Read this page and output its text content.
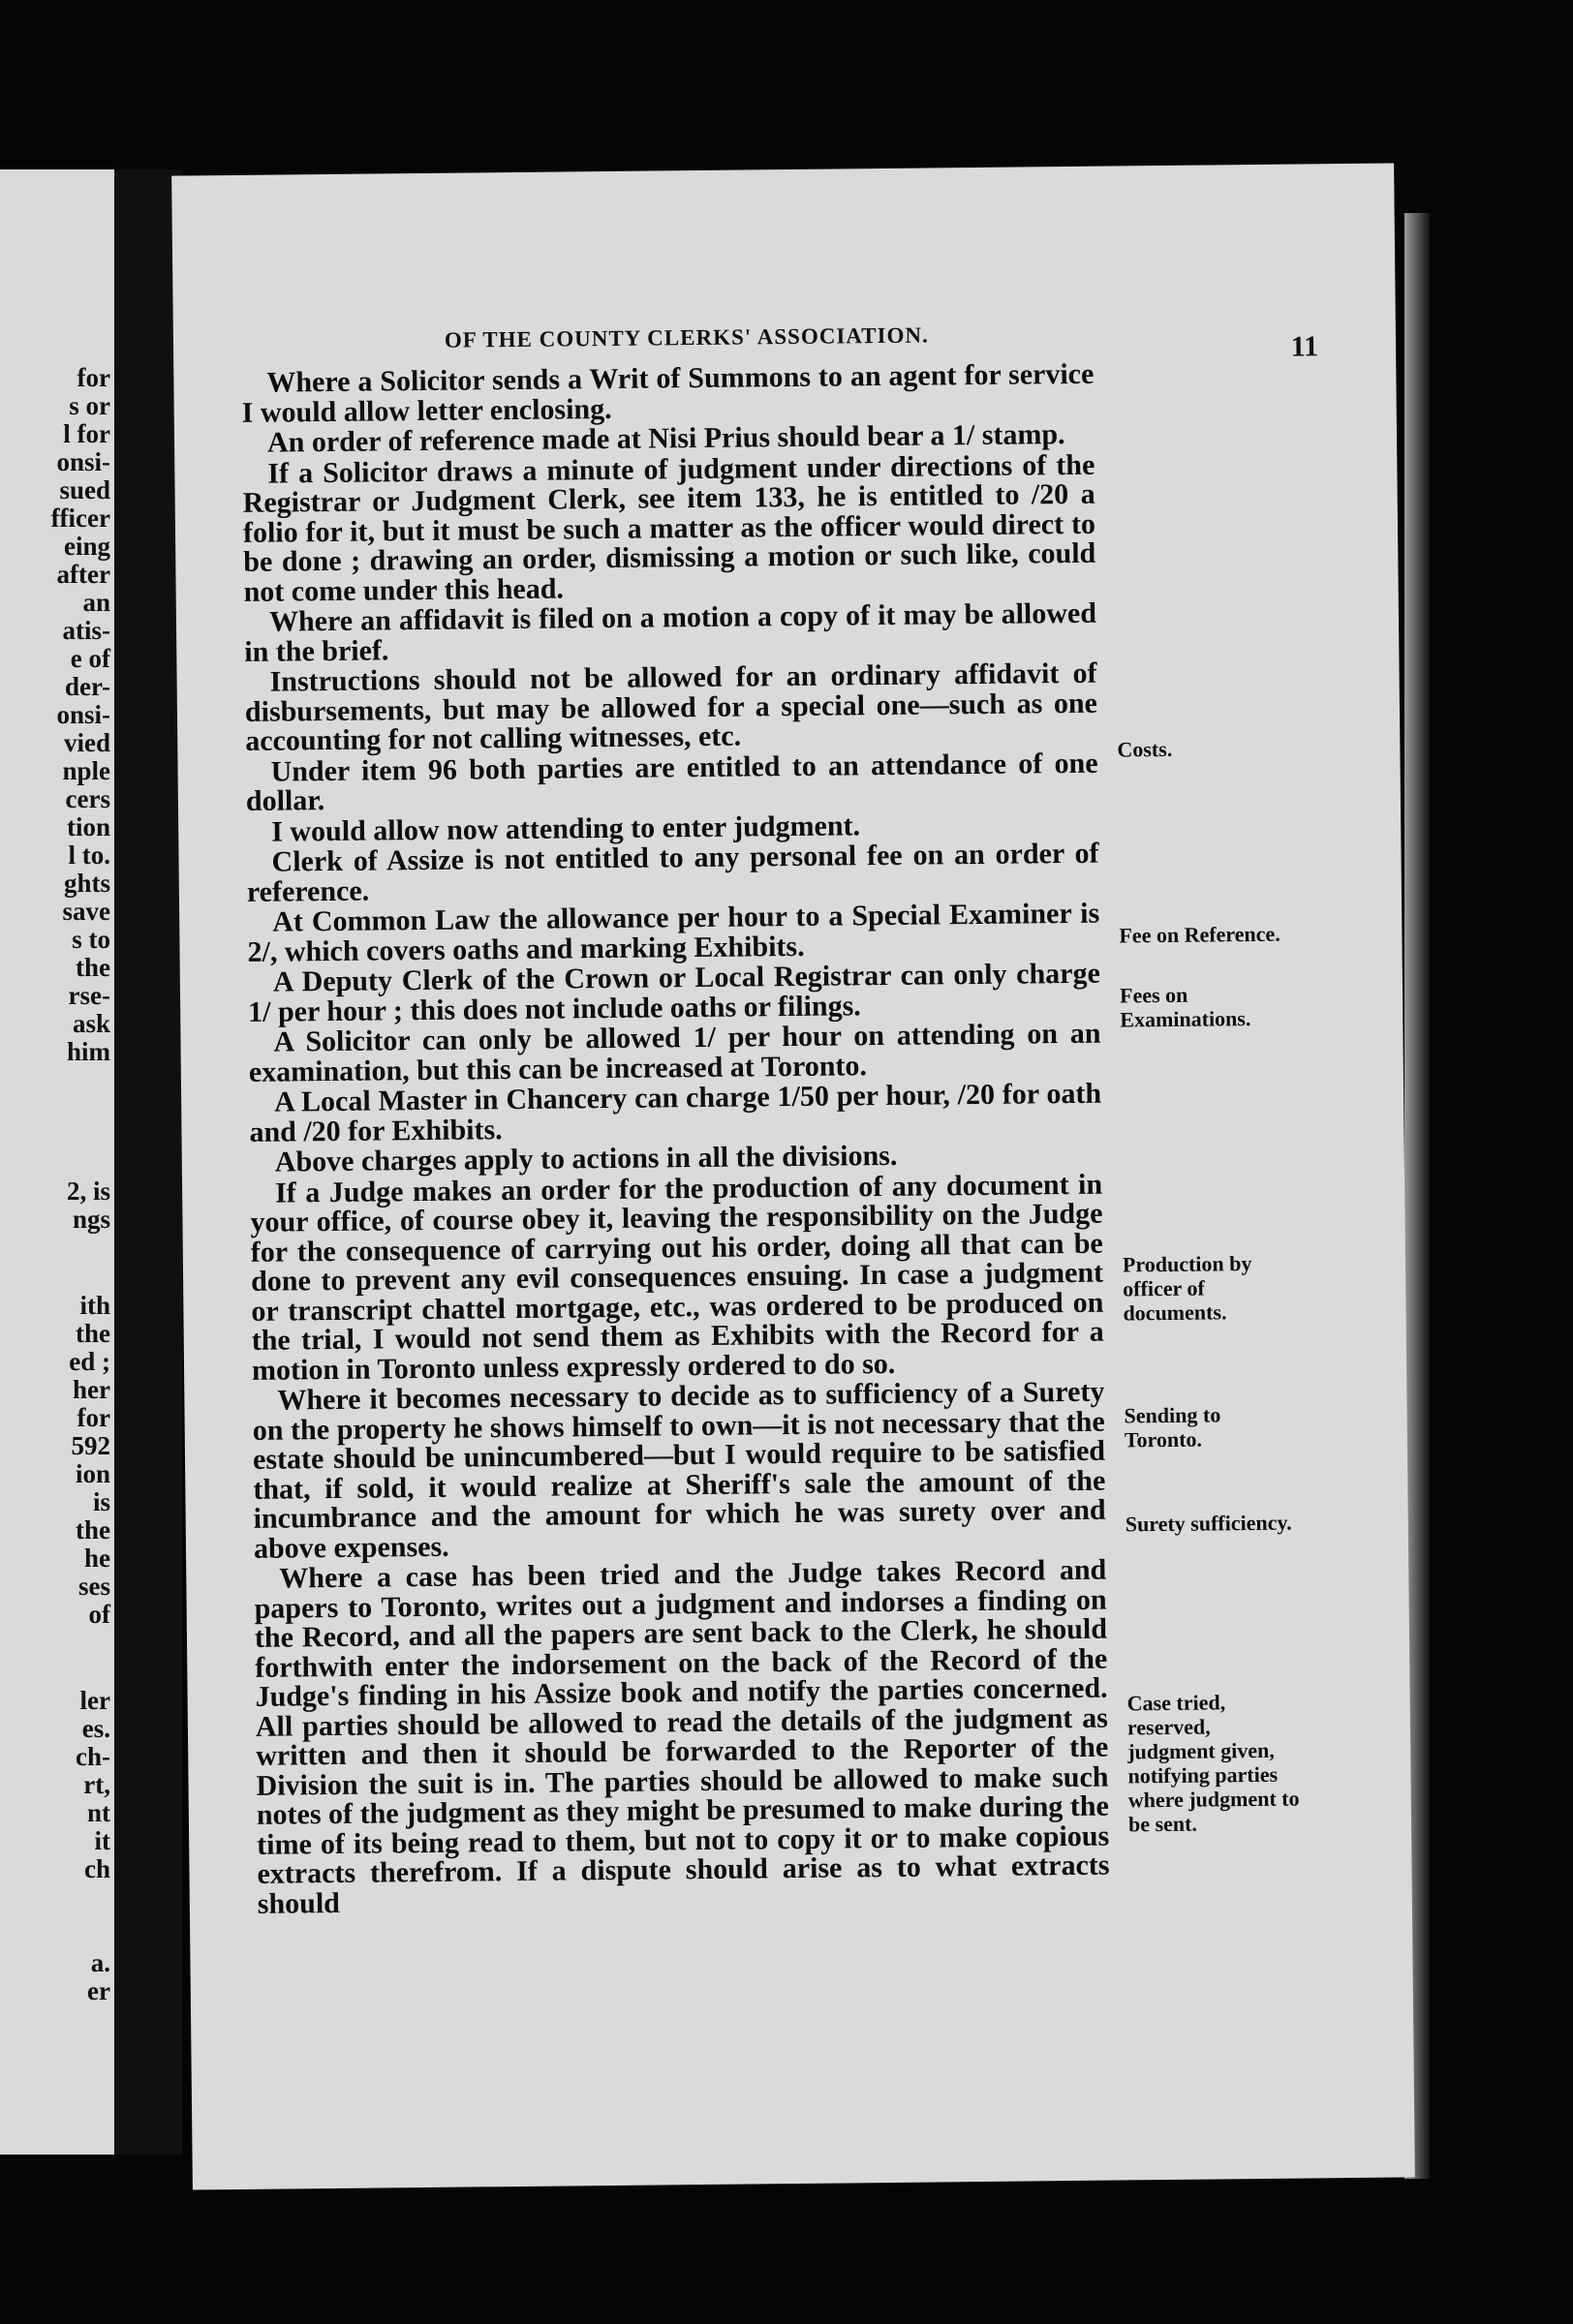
for
s or
l for
onsi-
sued
fficer
eing
after
an
atis-
e of
der-
onsi-
vied
nple
cers
tion
l to.
ghts
save
s to
the
rse-
ask
him
2, is
ngs
ith
the
ed ;
her
for
592
ion
is
the
he
ses
of
ler
es.
ch-
rt,
nt
it
ch
a.
er
OF THE COUNTY CLERKS' ASSOCIATION.	11

Where a Solicitor sends a Writ of Summons to an agent for service I would allow letter enclosing.

An order of reference made at Nisi Prius should bear a 1/ stamp.

If a Solicitor draws a minute of judgment under directions of the Registrar or Judgment Clerk, see item 133, he is entitled to /20 a folio for it, but it must be such a matter as the officer would direct to be done ; drawing an order, dismissing a motion or such like, could not come under this head.

Where an affidavit is filed on a motion a copy of it may be allowed in the brief.

Instructions should not be allowed for an ordinary affidavit of disbursements, but may be allowed for a special one—such as one accounting for not calling witnesses, etc.

Under item 96 both parties are entitled to an attendance of one dollar.

I would allow now attending to enter judgment.

Clerk of Assize is not entitled to any personal fee on an order of reference.

At Common Law the allowance per hour to a Special Examiner is 2/, which covers oaths and marking Exhibits.

A Deputy Clerk of the Crown or Local Registrar can only charge 1/ per hour ; this does not include oaths or filings.

A Solicitor can only be allowed 1/ per hour on attending on an examination, but this can be increased at Toronto.

A Local Master in Chancery can charge 1/50 per hour, /20 for oath and /20 for Exhibits.

Above charges apply to actions in all the divisions.

If a Judge makes an order for the production of any document in your office, of course obey it, leaving the responsibility on the Judge for the consequence of carrying out his order, doing all that can be done to prevent any evil consequences ensuing. In case a judgment or transcript chattel mortgage, etc., was ordered to be produced on the trial, I would not send them as Exhibits with the Record for a motion in Toronto unless expressly ordered to do so.

Where it becomes necessary to decide as to sufficiency of a Surety on the property he shows himself to own—it is not necessary that the estate should be unincumbered—but I would require to be satisfied that, if sold, it would realize at Sheriff's sale the amount of the incumbrance and the amount for which he was surety over and above expenses.

Where a case has been tried and the Judge takes Record and papers to Toronto, writes out a judgment and indorses a finding on the Record, and all the papers are sent back to the Clerk, he should forthwith enter the indorsement on the back of the Record of the Judge's finding in his Assize book and notify the parties concerned. All parties should be allowed to read the details of the judgment as written and then it should be forwarded to the Reporter of the Division the suit is in. The parties should be allowed to make such notes of the judgment as they might be presumed to make during the time of its being read to them, but not to copy it or to make copious extracts therefrom. If a dispute should arise as to what extracts should

Costs.
Fee on Reference.
Fees on Examinations.
Production by officer of documents.
Sending to Toronto.
Surety sufficiency.
Case tried, reserved, judgment given, notifying parties where judgment to be sent.
